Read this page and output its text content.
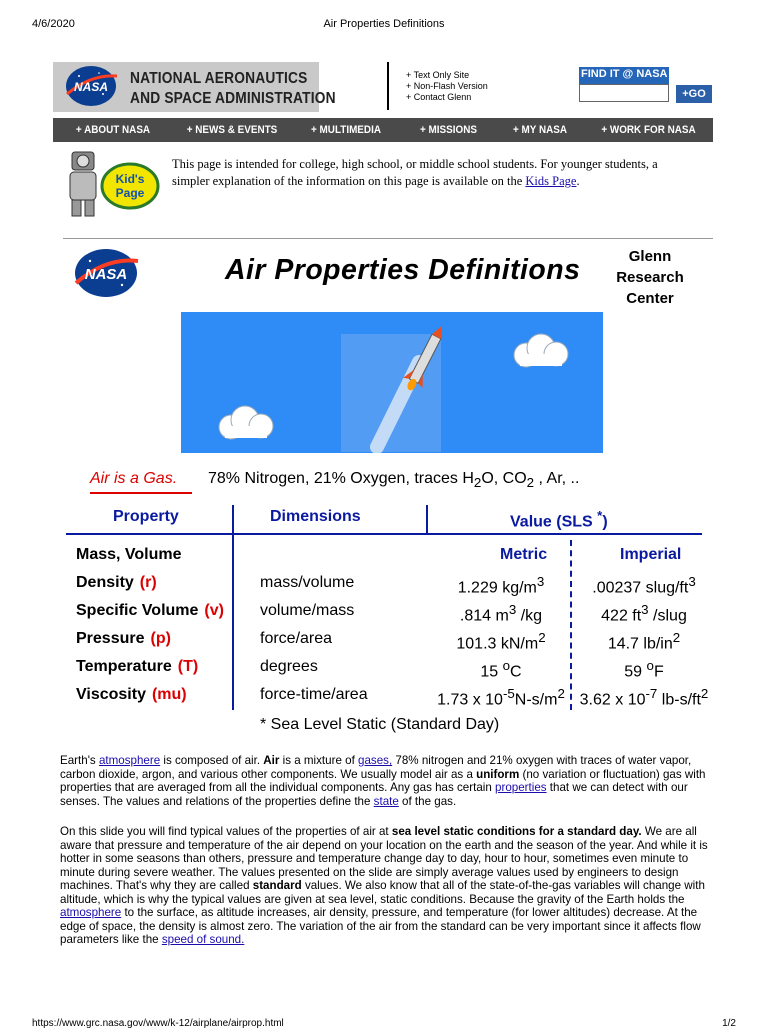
4/6/2020	Air Properties Definitions
NASA NATIONAL AERONAUTICS
AND SPACE ADMINISTRATION
+ Text Only Site
+ Non-Flash Version
+ Contact Glenn
FIND IT @ NASA
+GO
+ ABOUT NASA	+ NEWS & EVENTS	+ MULTIMEDIA	+ MISSIONS	+ MY NASA	+ WORK FOR NASA
Kid's
Page
This page is intended for college, high school, or middle school students. For younger students, a simpler explanation of the information on this page is available on the Kids Page.
NASA	Air Properties Definitions	Glenn
Research
Center
Air is a Gas. 78% Nitrogen, 21% Oxygen, traces $H_2O$, $CO_2$ , Ar, ..
Property	Dimensions	Value (SLS *)
Metric	Imperial
Mass, Volume
Density (r)	mass/volume	1.229 $kg/m^3$	.00237 slug/$ft^3$
Specific Volume (v) volume/mass	.814 $m^3$ /kg	422 $ft^3$ /slug
Pressure (p)	force/area	101.3 $kN/m^2$	14.7 $lb/in^2$
Temperature (T)	degrees	15 $^o$C	59 $^o$F
Viscosity (mu)	force-time/area	1.73 x $10^{-5}N-s/m^2$ 3.62 x $10^{-7}$ $lb-s/ft^2$
* Sea Level Static (Standard Day)
Earth's atmosphere is composed of air. Air is a mixture of gases, 78% nitrogen and 21% oxygen with traces of water vapor, carbon dioxide, argon, and various other components. We usually model air as a uniform (no variation or fluctuation) gas with properties that are averaged from all the individual components. Any gas has certain properties that we can detect with our senses. The values and relations of the properties define the state of the gas.
On this slide you will find typical values of the properties of air at sea level static conditions for a standard day. We are all aware that pressure and temperature of the air depend on your location on the earth and the season of the year. And while it is hotter in some seasons than others, pressure and temperature change day to day, hour to hour, sometimes even minute to minute during severe weather. The values presented on the slide are simply average values used by engineers to design machines. That's why they are called standard values. We also know that all of the state-of-the-gas variables will change with altitude, which is why the typical values are given at sea level, static conditions. Because the gravity of the Earth holds the atmosphere to the surface, as altitude increases, air density, pressure, and temperature (for lower altitudes) decrease. At the edge of space, the density is almost zero. The variation of the air from the standard can be very important since it affects flow parameters like the speed of sound.
https://www.grc.nasa.gov/www/k-12/airplane/airprop.html	1/2
